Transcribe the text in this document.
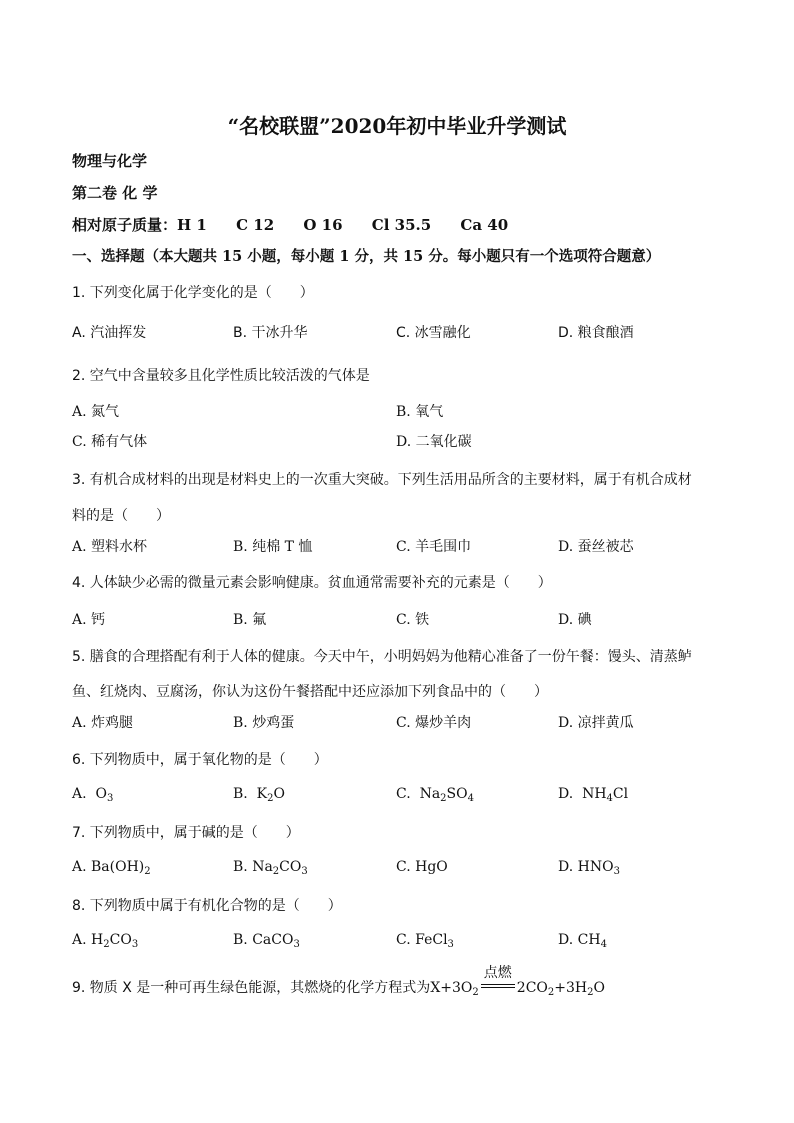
“名校联盟”2020年初中毕业升学测试
物理与化学
第二卷 化 学
相对原子质量：H 1 C 12 O 16 Cl 35.5 Ca 40
一、选择题（本大题共 15 小题，每小题 1 分，共 15 分。每小题只有一个选项符合题意）
1. 下列变化属于化学变化的是（　　）
A. 汽油挥发	B. 干冰升华	C. 冰雪融化	D. 粮食酿酒
2. 空气中含量较多且化学性质比较活泼的气体是
A. 氮气	B. 氧气
C. 稀有气体	D. 二氧化碳
3. 有机合成材料的出现是材料史上的一次重大突破。下列生活用品所含的主要材料，属于有机合成材
料的是（　　）
A. 塑料水杯	B. 纯棉 T 恤	C. 羊毛围巾	D. 蚕丝被芯
4. 人体缺少必需的微量元素会影响健康。贫血通常需要补充的元素是（　　）
A. 钙	B. 氟	C. 铁	D. 碘
5. 膳食的合理搭配有利于人体的健康。今天中午，小明妈妈为他精心准备了一份午餐：馒头、清蒸鲈
鱼、红烧肉、豆腐汤，你认为这份午餐搭配中还应添加下列食品中的（　　）
A. 炸鸡腿	B. 炒鸡蛋	C. 爆炒羊肉	D. 凉拌黄瓜
6. 下列物质中，属于氧化物的是（　　）
A.  $O_3$	B.  $K_2O$	C.  $Na_2SO_4$	D.  $NH_4Cl$
7. 下列物质中，属于碱的是（　　）
A. $Ba(OH)_2$	B. $Na_2CO_3$	C. HgO	D. $HNO_3$
8. 下列物质中属于有机化合物的是（　　）
A. $H_2CO_3$	B. CaCO$_3$	C. FeCl$_3$	D. $CH_4$
9. 物质 X 是一种可再生绿色能源，其燃烧的化学方程式为$X+3O_2$
点燃
$2CO_2+3H_2O$
